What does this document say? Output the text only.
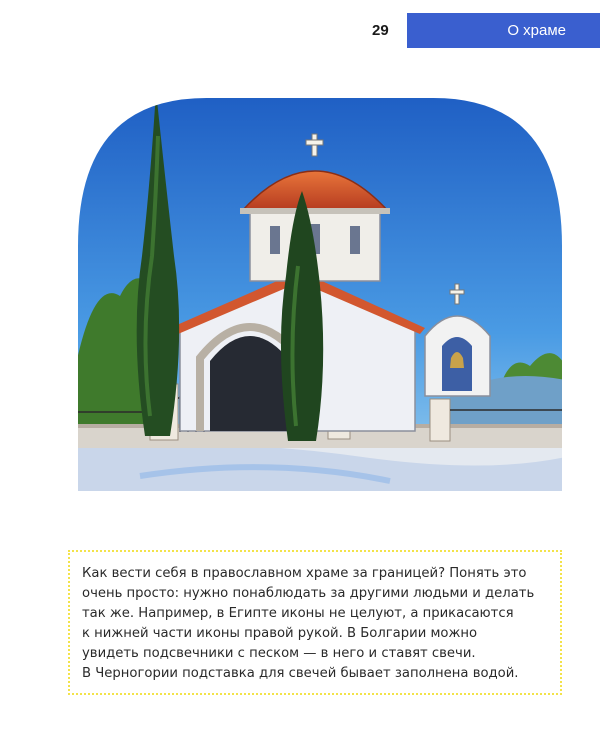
29	О храме

Как вести себя в православном храме за границей? Понять это
очень просто: нужно понаблюдать за другими людьми и делать
так же. Например, в Египте иконы не целуют, а прикасаются
к нижней части иконы правой рукой. В Болгарии можно
увидеть подсвечники с песком — в него и ставят свечи.
В Черногории подставка для свечей бывает заполнена водой.
